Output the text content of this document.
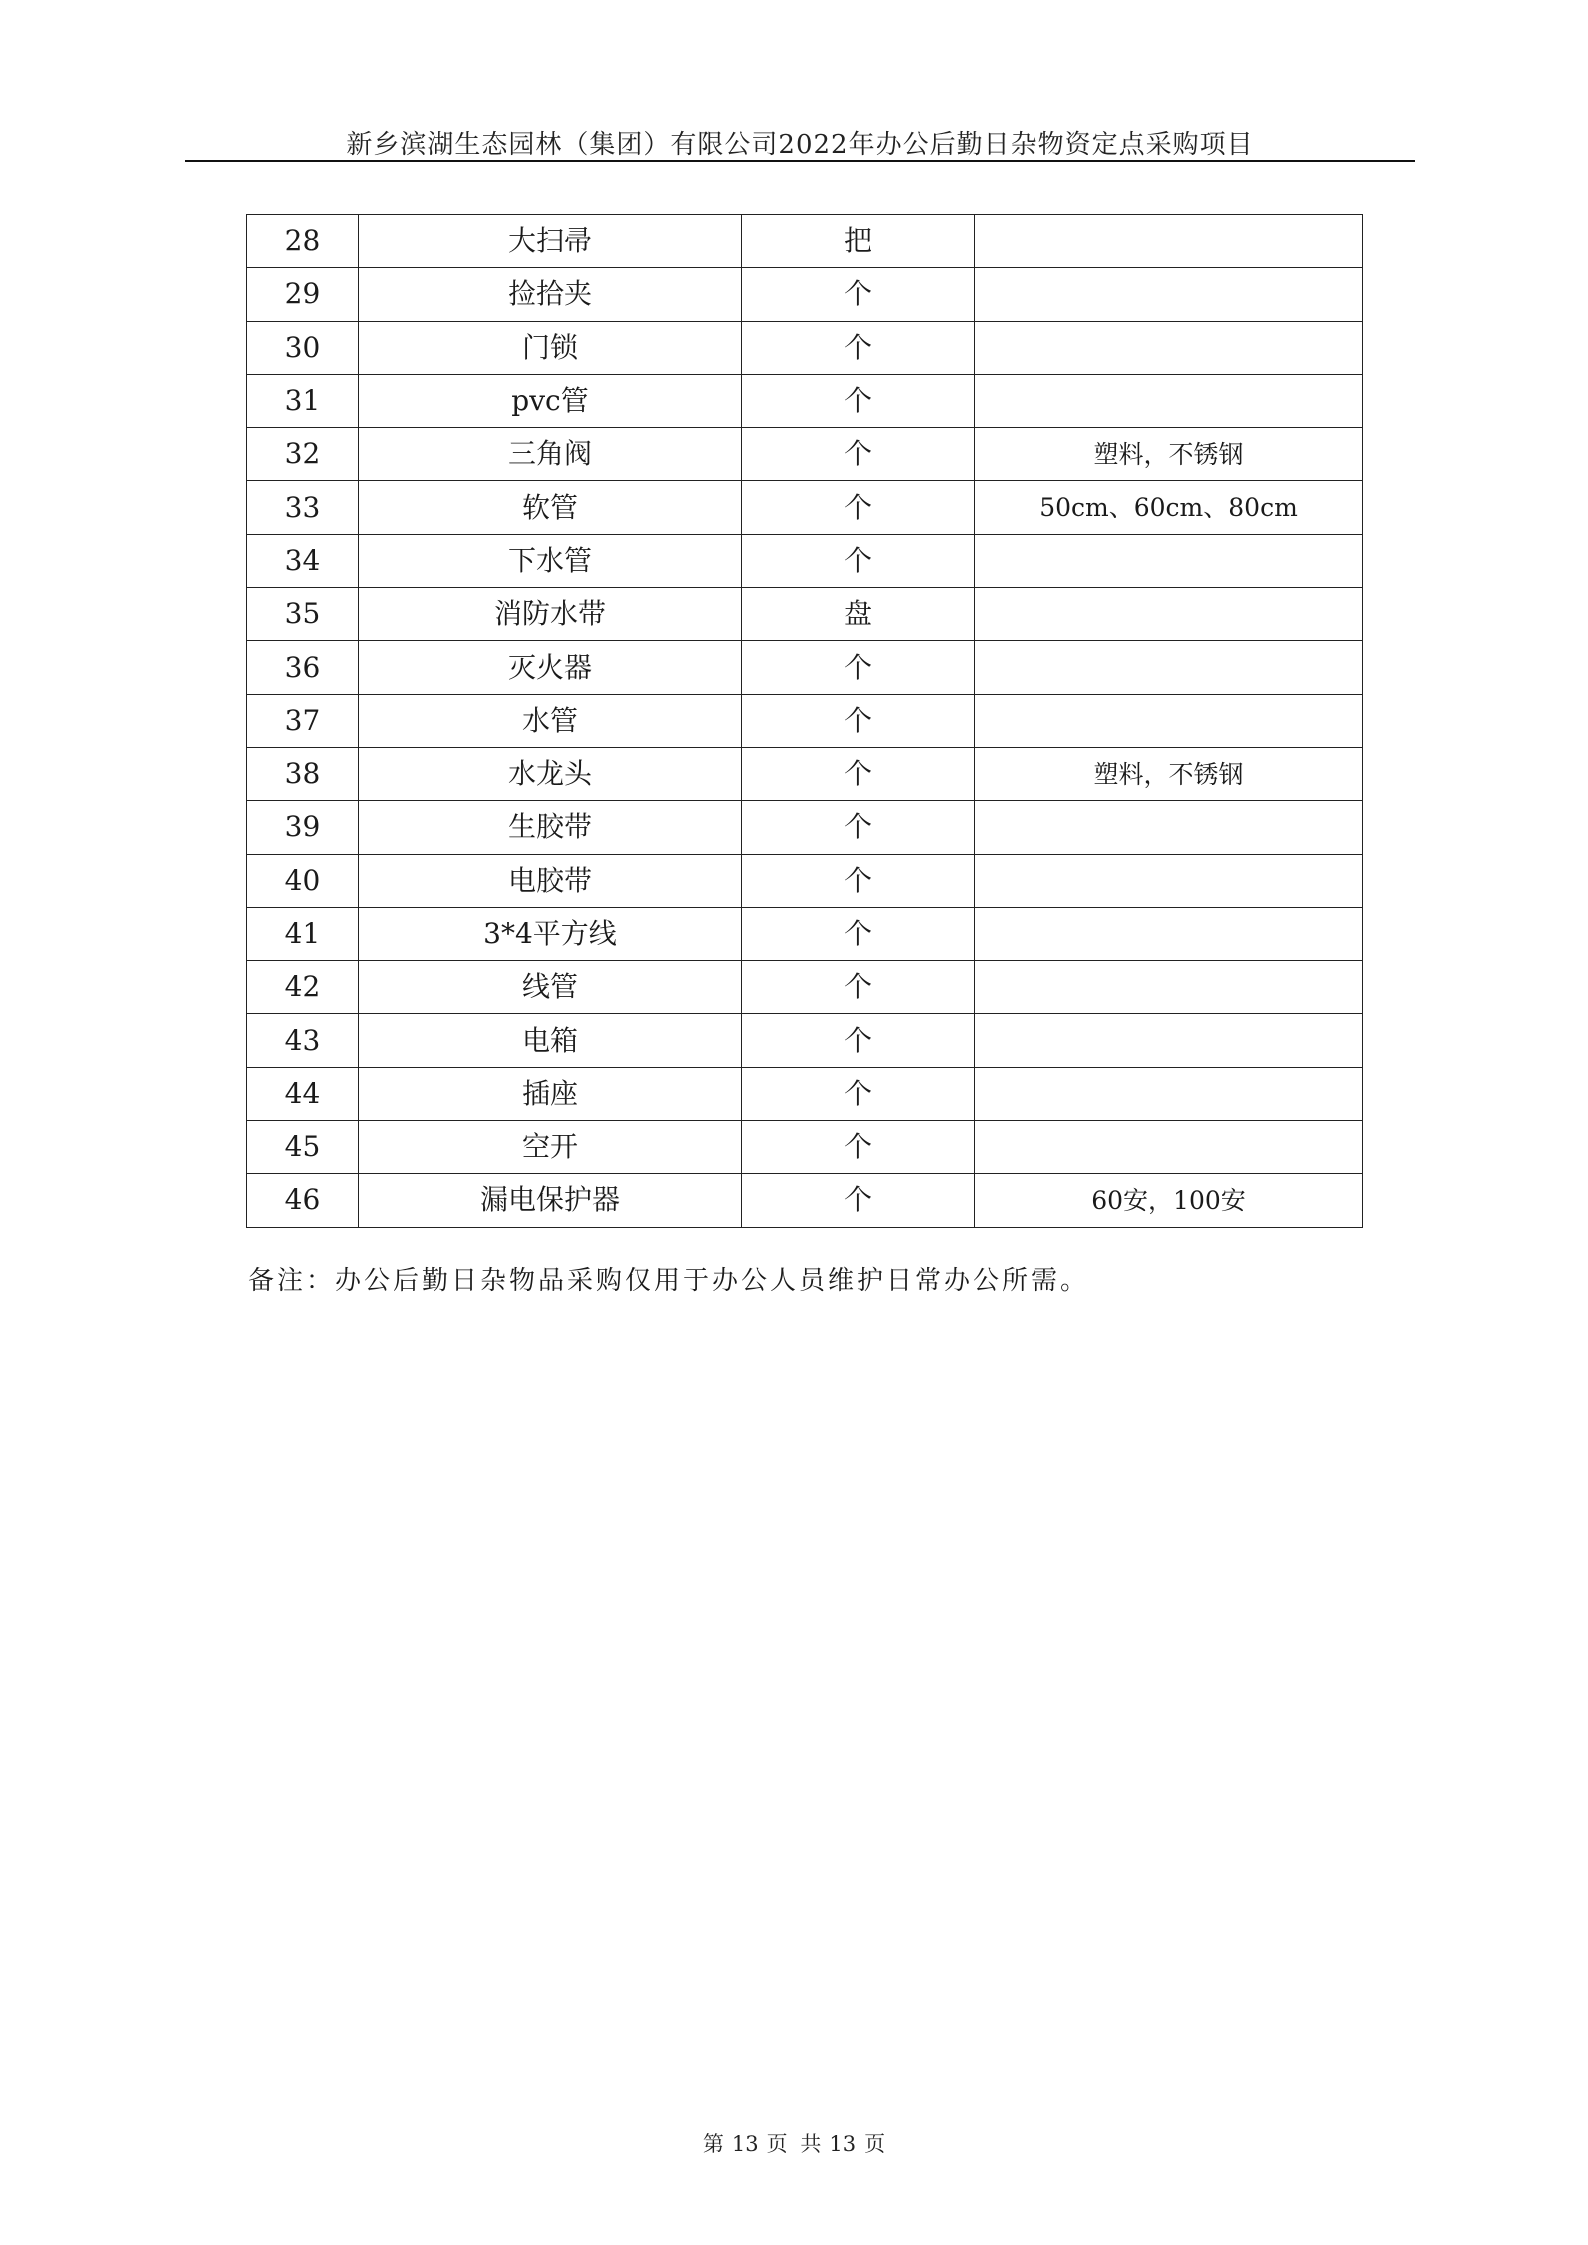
新乡滨湖生态园林（集团）有限公司2022年办公后勤日杂物资定点采购项目
28	大扫帚	把	
29	捡拾夹	个	
30	门锁	个	
31	pvc管	个	
32	三角阀	个	塑料，不锈钢
33	软管	个	50cm、60cm、80cm
34	下水管	个	
35	消防水带	盘	
36	灭火器	个	
37	水管	个	
38	水龙头	个	塑料，不锈钢
39	生胶带	个	
40	电胶带	个	
41	3*4平方线	个	
42	线管	个	
43	电箱	个	
44	插座	个	
45	空开	个	
46	漏电保护器	个	60安，100安
备注：办公后勤日杂物品采购仅用于办公人员维护日常办公所需。
第 13 页 共 13 页
